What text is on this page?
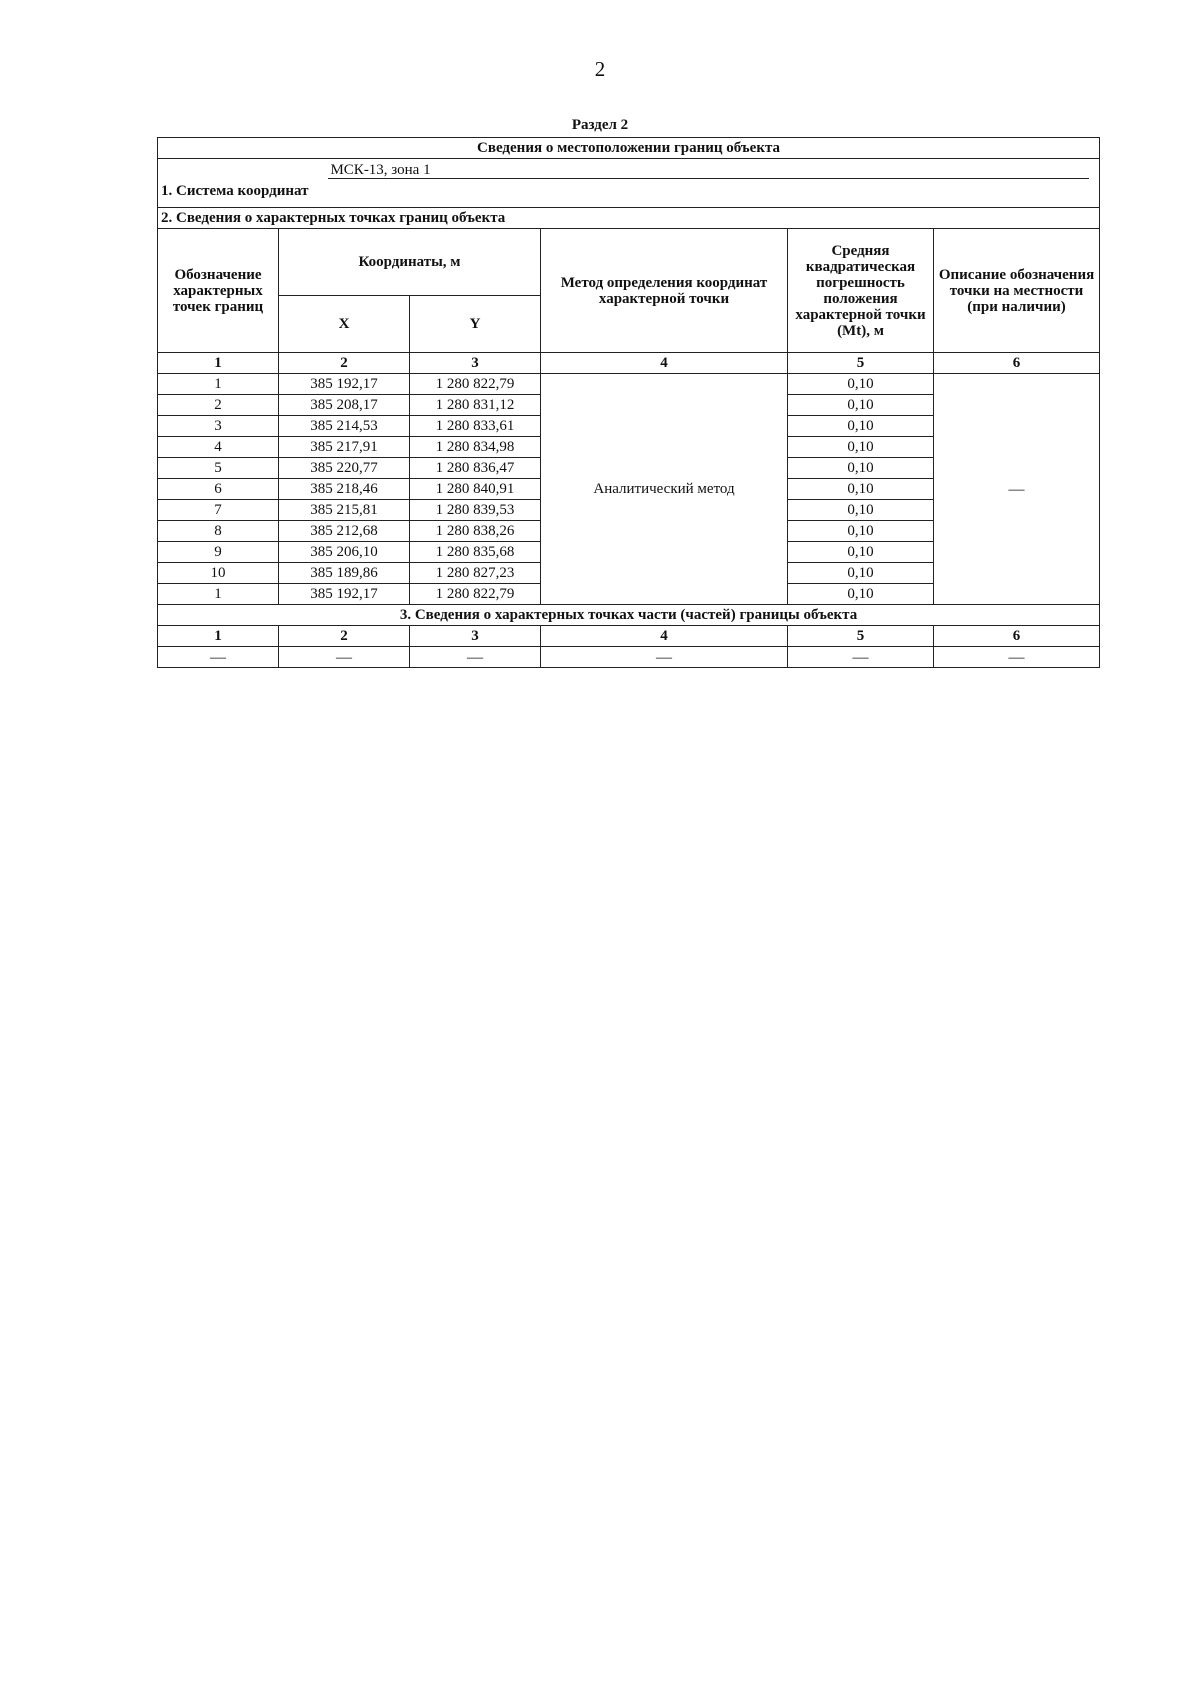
2
Раздел 2
Сведения о местоположении границ объекта					

1. Система координат
МСК-13, зона 1					

2. Сведения о характерных точках границ объекта					
Обозначение характерных точек границ	Координаты, м		Метод определения координат характерной точки	Средняя квадратическая погрешность положения характерной точки (Mt), м	Описание обозначения точки на местности (при наличии)
	X	Y			
1	2	3	4	5	6
1	385 192,17	1 280 822,79	Аналитический метод	0,10	—
2	385 208,17	1 280 831,12		0,10	
3	385 214,53	1 280 833,61		0,10	
4	385 217,91	1 280 834,98		0,10	
5	385 220,77	1 280 836,47		0,10	
6	385 218,46	1 280 840,91		0,10	
7	385 215,81	1 280 839,53		0,10	
8	385 212,68	1 280 838,26		0,10	
9	385 206,10	1 280 835,68		0,10	
10	385 189,86	1 280 827,23		0,10	
1	385 192,17	1 280 822,79		0,10	
3. Сведения о характерных точках части (частей) границы объекта					
1	2	3	4	5	6
—	—	—	—	—	—
